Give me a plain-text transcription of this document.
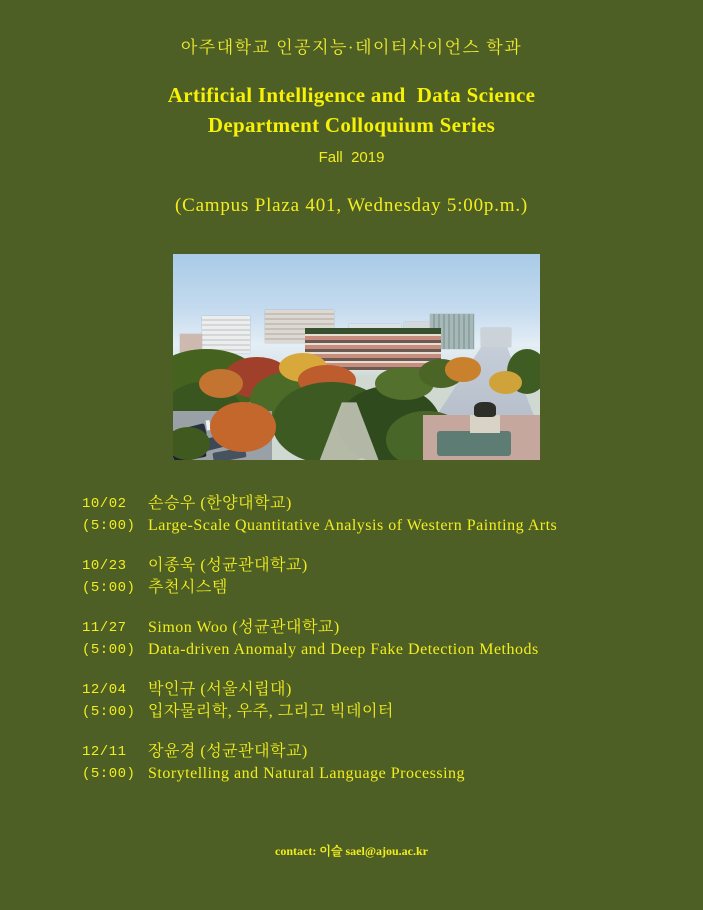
아주대학교 인공지능·데이터사이언스 학과
Artificial Intelligence and  Data Science
Department Colloquium Series
Fall  2019
(Campus Plaza 401, Wednesday 5:00p.m.)
10/02
(5:00)
손승우 (한양대학교)
Large-Scale Quantitative Analysis of Western Painting Arts
10/23
(5:00)
이종욱 (성균관대학교)
추천시스템
11/27
(5:00)
Simon Woo (성균관대학교)
Data-driven Anomaly and Deep Fake Detection Methods
12/04
(5:00)
박인규 (서울시립대)
입자물리학, 우주, 그리고 빅데이터
12/11
(5:00)
장윤경 (성균관대학교)
Storytelling and Natural Language Processing
contact: 이슬 sael@ajou.ac.kr
